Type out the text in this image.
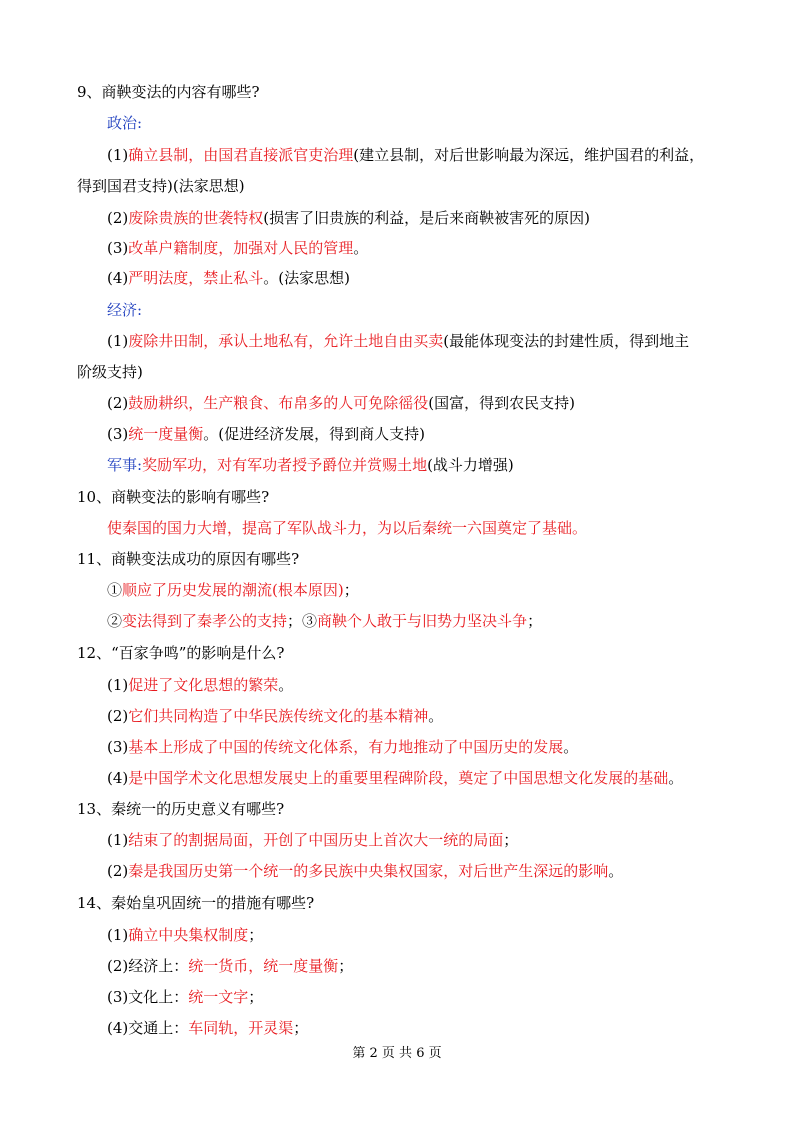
9、商鞅变法的内容有哪些?
政治:
(1)确立县制，由国君直接派官吏治理(建立县制，对后世影响最为深远，维护国君的利益，
得到国君支持)(法家思想)
(2)废除贵族的世袭特权(损害了旧贵族的利益，是后来商鞅被害死的原因)
(3)改革户籍制度，加强对人民的管理。
(4)严明法度，禁止私斗。(法家思想)
经济:
(1)废除井田制，承认土地私有，允许土地自由买卖(最能体现变法的封建性质，得到地主
阶级支持)
(2)鼓励耕织，生产粮食、布帛多的人可免除徭役(国富，得到农民支持)
(3)统一度量衡。(促进经济发展，得到商人支持)
军事:奖励军功，对有军功者授予爵位并赏赐土地(战斗力增强)
10、商鞅变法的影响有哪些?
使秦国的国力大增，提高了军队战斗力，为以后秦统一六国奠定了基础。
11、商鞅变法成功的原因有哪些?
①顺应了历史发展的潮流(根本原因)；
②变法得到了秦孝公的支持；③商鞅个人敢于与旧势力坚决斗争；
12、“百家争鸣”的影响是什么?
(1)促进了文化思想的繁荣。
(2)它们共同构造了中华民族传统文化的基本精神。
(3)基本上形成了中国的传统文化体系，有力地推动了中国历史的发展。
(4)是中国学术文化思想发展史上的重要里程碑阶段，奠定了中国思想文化发展的基础。
13、秦统一的历史意义有哪些?
(1)结束了的割据局面，开创了中国历史上首次大一统的局面；
(2)秦是我国历史第一个统一的多民族中央集权国家，对后世产生深远的影响。
14、秦始皇巩固统一的措施有哪些?
(1)确立中央集权制度；
(2)经济上：统一货币，统一度量衡；
(3)文化上：统一文字；
(4)交通上：车同轨，开灵渠；
第 2 页 共 6 页
